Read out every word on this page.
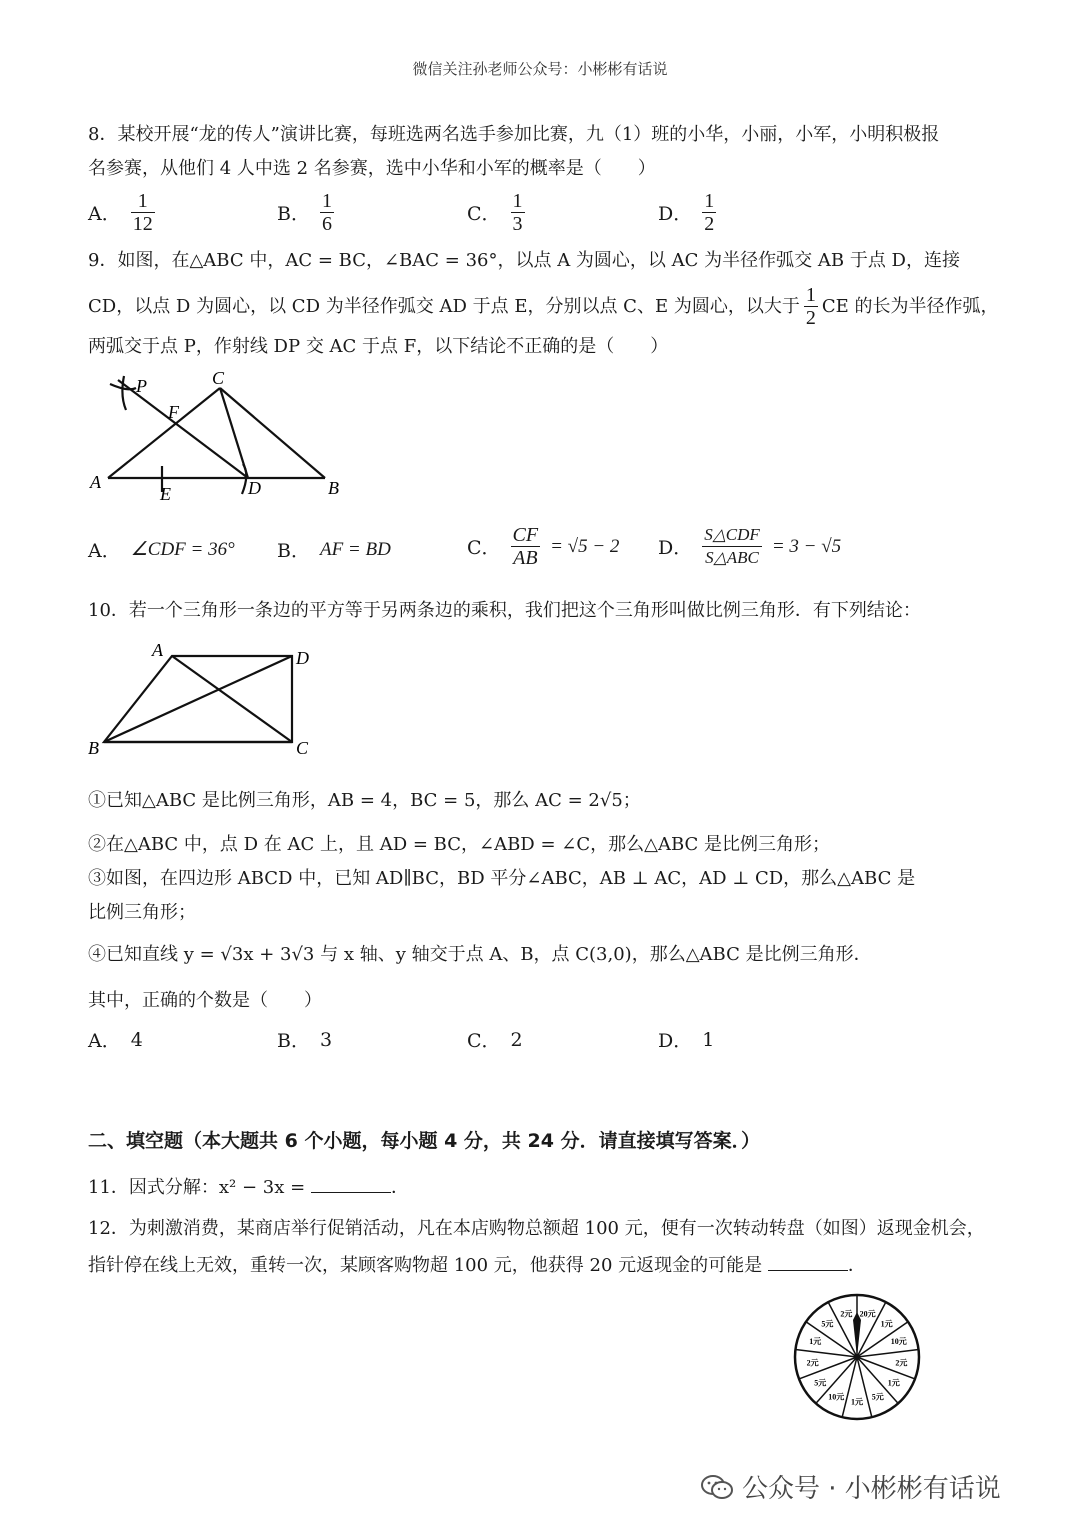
微信关注孙老师公众号：小彬彬有话说
8．某校开展“龙的传人”演讲比赛，每班选两名选手参加比赛，九（1）班的小华，小丽，小军，小明积极报
名参赛，从他们 4 人中选 2 名参赛，选中小华和小军的概率是（　　）
A． $\frac{1}{12}$	B． $\frac{1}{6}$	C． $\frac{1}{3}$	D． $\frac{1}{2}$
9．如图，在△ABC 中，AC = BC，∠BAC = 36°，以点 A 为圆心，以 AC 为半径作弧交 AB 于点 D，连接
CD，以点 D 为圆心，以 CD 为半径作弧交 AD 于点 E，分别以点 C、E 为圆心，以大于 $\frac{1}{2}$ CE 的长为半径作弧，
两弧交于点 P，作射线 DP 交 AC 于点 F，以下结论不正确的是（　　）
P	C
F
A
E	D	B
A． ∠CDF = 36° B． AF = BD	C． $\frac{CF}{AB} = √5 - 2$ D． $\frac{\text{S△CDF}}{\text{S△ABC}} = 3 - √5$
10．若一个三角形一条边的平方等于另两条边的乘积，我们把这个三角形叫做比例三角形．有下列结论：
A	D
B	C
①已知△ABC 是比例三角形，AB = 4，BC = 5，那么 AC = 2√5；
②在△ABC 中，点 D 在 AC 上，且 AD = BC，∠ABD = ∠C，那么△ABC 是比例三角形；
③如图，在四边形 ABCD 中，已知 AD∥BC，BD 平分∠ABC，AB ⊥ AC，AD ⊥ CD，那么△ABC 是
比例三角形；
④已知直线 y = √3x + 3√3 与 x 轴、y 轴交于点 A、B，点 C(3,0)，那么△ABC 是比例三角形．
其中，正确的个数是（　　）
A． 4	B． 3	C． 2	D． 1
二、填空题（本大题共 6 个小题，每小题 4 分，共 24 分．请直接填写答案．）
11．因式分解：x² − 3x =	．
12．为刺激消费，某商店举行促销活动，凡在本店购物总额超 100 元，便有一次转动转盘（如图）返现金机会，
指针停在线上无效，重转一次，某顾客购物超 100 元，他获得 20 元返现金的可能是	．
20元
1元
10元
2元
1元
5元
1元
10元
5元
2元
1元
5元
2元
公众号 · 小彬彬有话说
